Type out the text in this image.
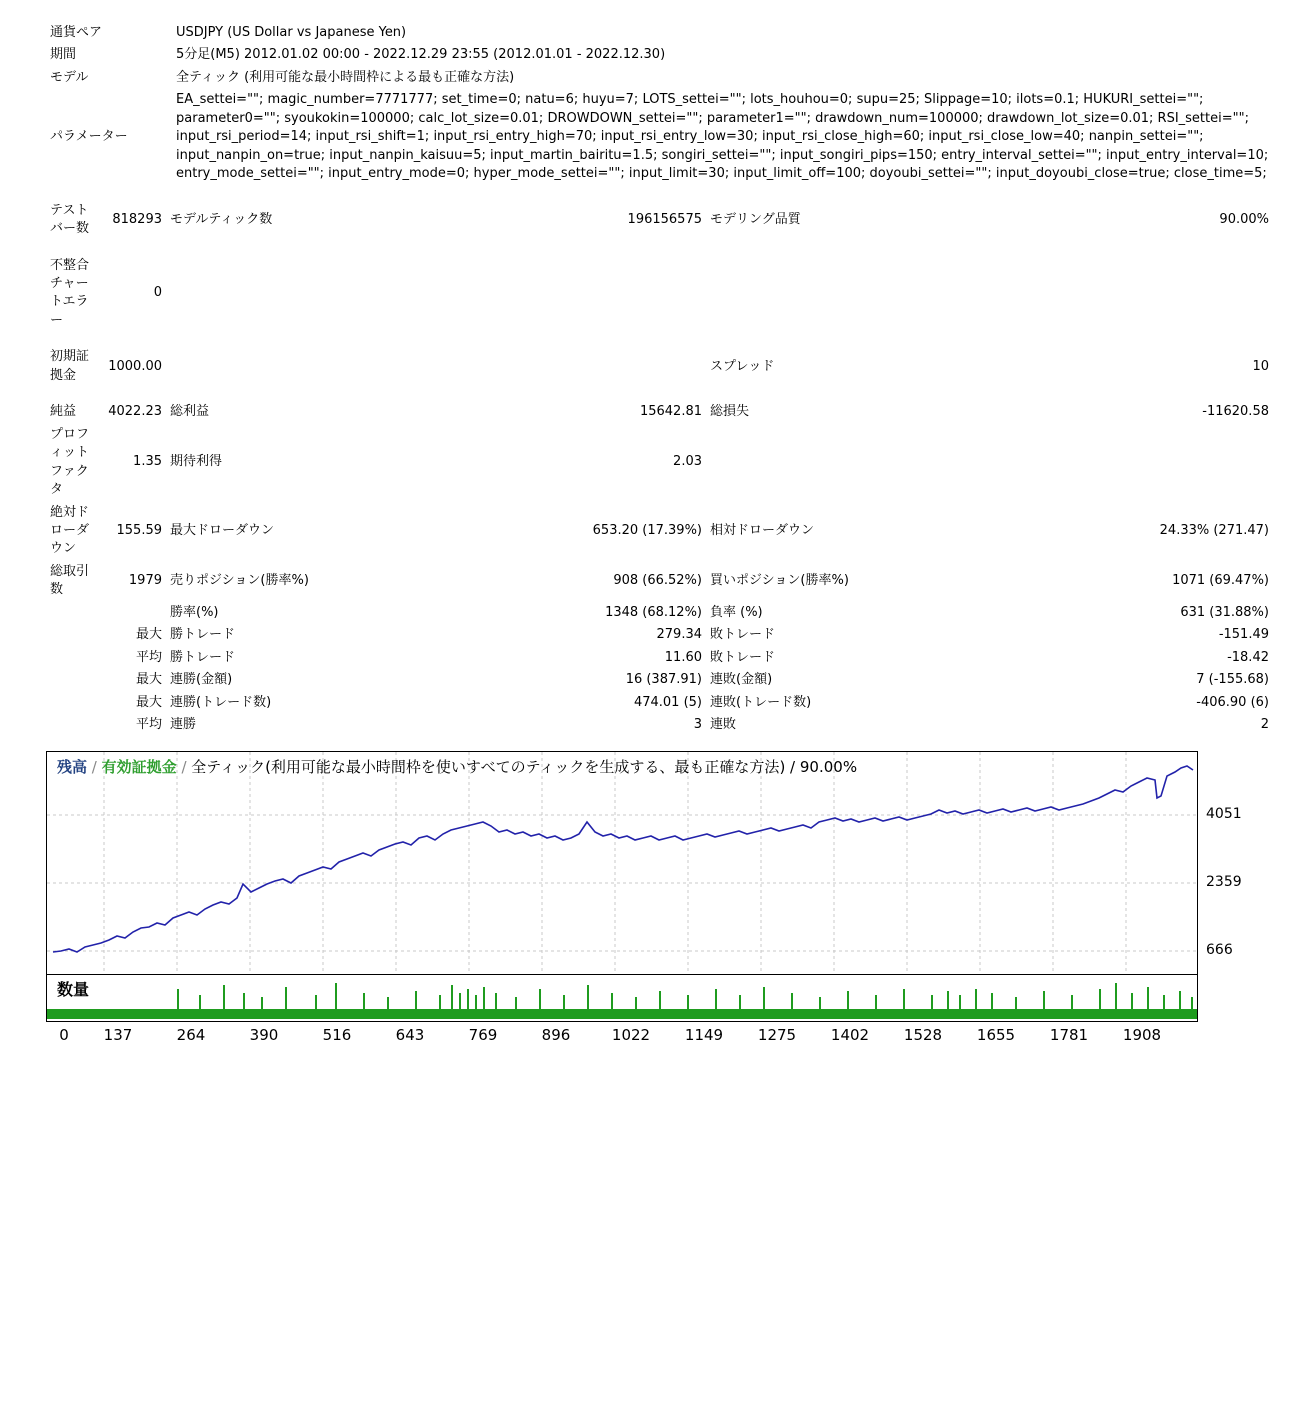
通貨ペア	USDJPY (US Dollar vs Japanese Yen)
期間	5分足(M5) 2012.01.02 00:00 - 2022.12.29 23:55 (2012.01.01 - 2022.12.30)
モデル	全ティック (利用可能な最小時間枠による最も正確な方法)
パラメーター	EA_settei=""; magic_number=7771777; set_time=0; natu=6; huyu=7; LOTS_settei=""; lots_houhou=0; supu=25; Slippage=10; ilots=0.1; HUKURI_settei=""; parameter0=""; syoukokin=100000; calc_lot_size=0.01; DROWDOWN_settei=""; parameter1=""; drawdown_num=100000; drawdown_lot_size=0.01; RSI_settei=""; input_rsi_period=14; input_rsi_shift=1; input_rsi_entry_high=70; input_rsi_entry_low=30; input_rsi_close_high=60; input_rsi_close_low=40; nanpin_settei=""; input_nanpin_on=true; input_nanpin_kaisuu=5; input_martin_bairitu=1.5; songiri_settei=""; input_songiri_pips=150; entry_interval_settei=""; input_entry_interval=10; entry_mode_settei=""; input_entry_mode=0; hyper_mode_settei=""; input_limit=30; input_limit_off=100; doyoubi_settei=""; input_doyoubi_close=true; close_time=5;
テストバー数	818293	モデルティック数	196156575	モデリング品質	90.00%

不整合チャートエラー	0				

初期証拠金	1000.00			スプレッド	10

純益	4022.23	総利益	15642.81	総損失	-11620.58
プロフィットファクタ	1.35	期待利得	2.03		
絶対ドローダウン	155.59	最大ドローダウン	653.20 (17.39%)	相対ドローダウン	24.33% (271.47)
総取引数	1979	売りポジション(勝率%)	908 (66.52%)	買いポジション(勝率%)	1071 (69.47%)
		勝率(%)	1348 (68.12%)	負率 (%)	631 (31.88%)
	最大	勝トレード	279.34	敗トレード	-151.49
	平均	勝トレード	11.60	敗トレード	-18.42
	最大	連勝(金額)	16 (387.91)	連敗(金額)	7 (-155.68)
	最大	連勝(トレード数)	474.01 (5)	連敗(トレード数)	-406.90 (6)
	平均	連勝	3	連敗	2
残高 / 有効証拠金 / 全ティック(利用可能な最小時間枠を使いすべてのティックを生成する、最も正確な方法) / 90.00%
数量
4051
2359
666
0 137	264	390	516	643	769	896	1022 1149 1275 1402 1528 1655 1781 1908
